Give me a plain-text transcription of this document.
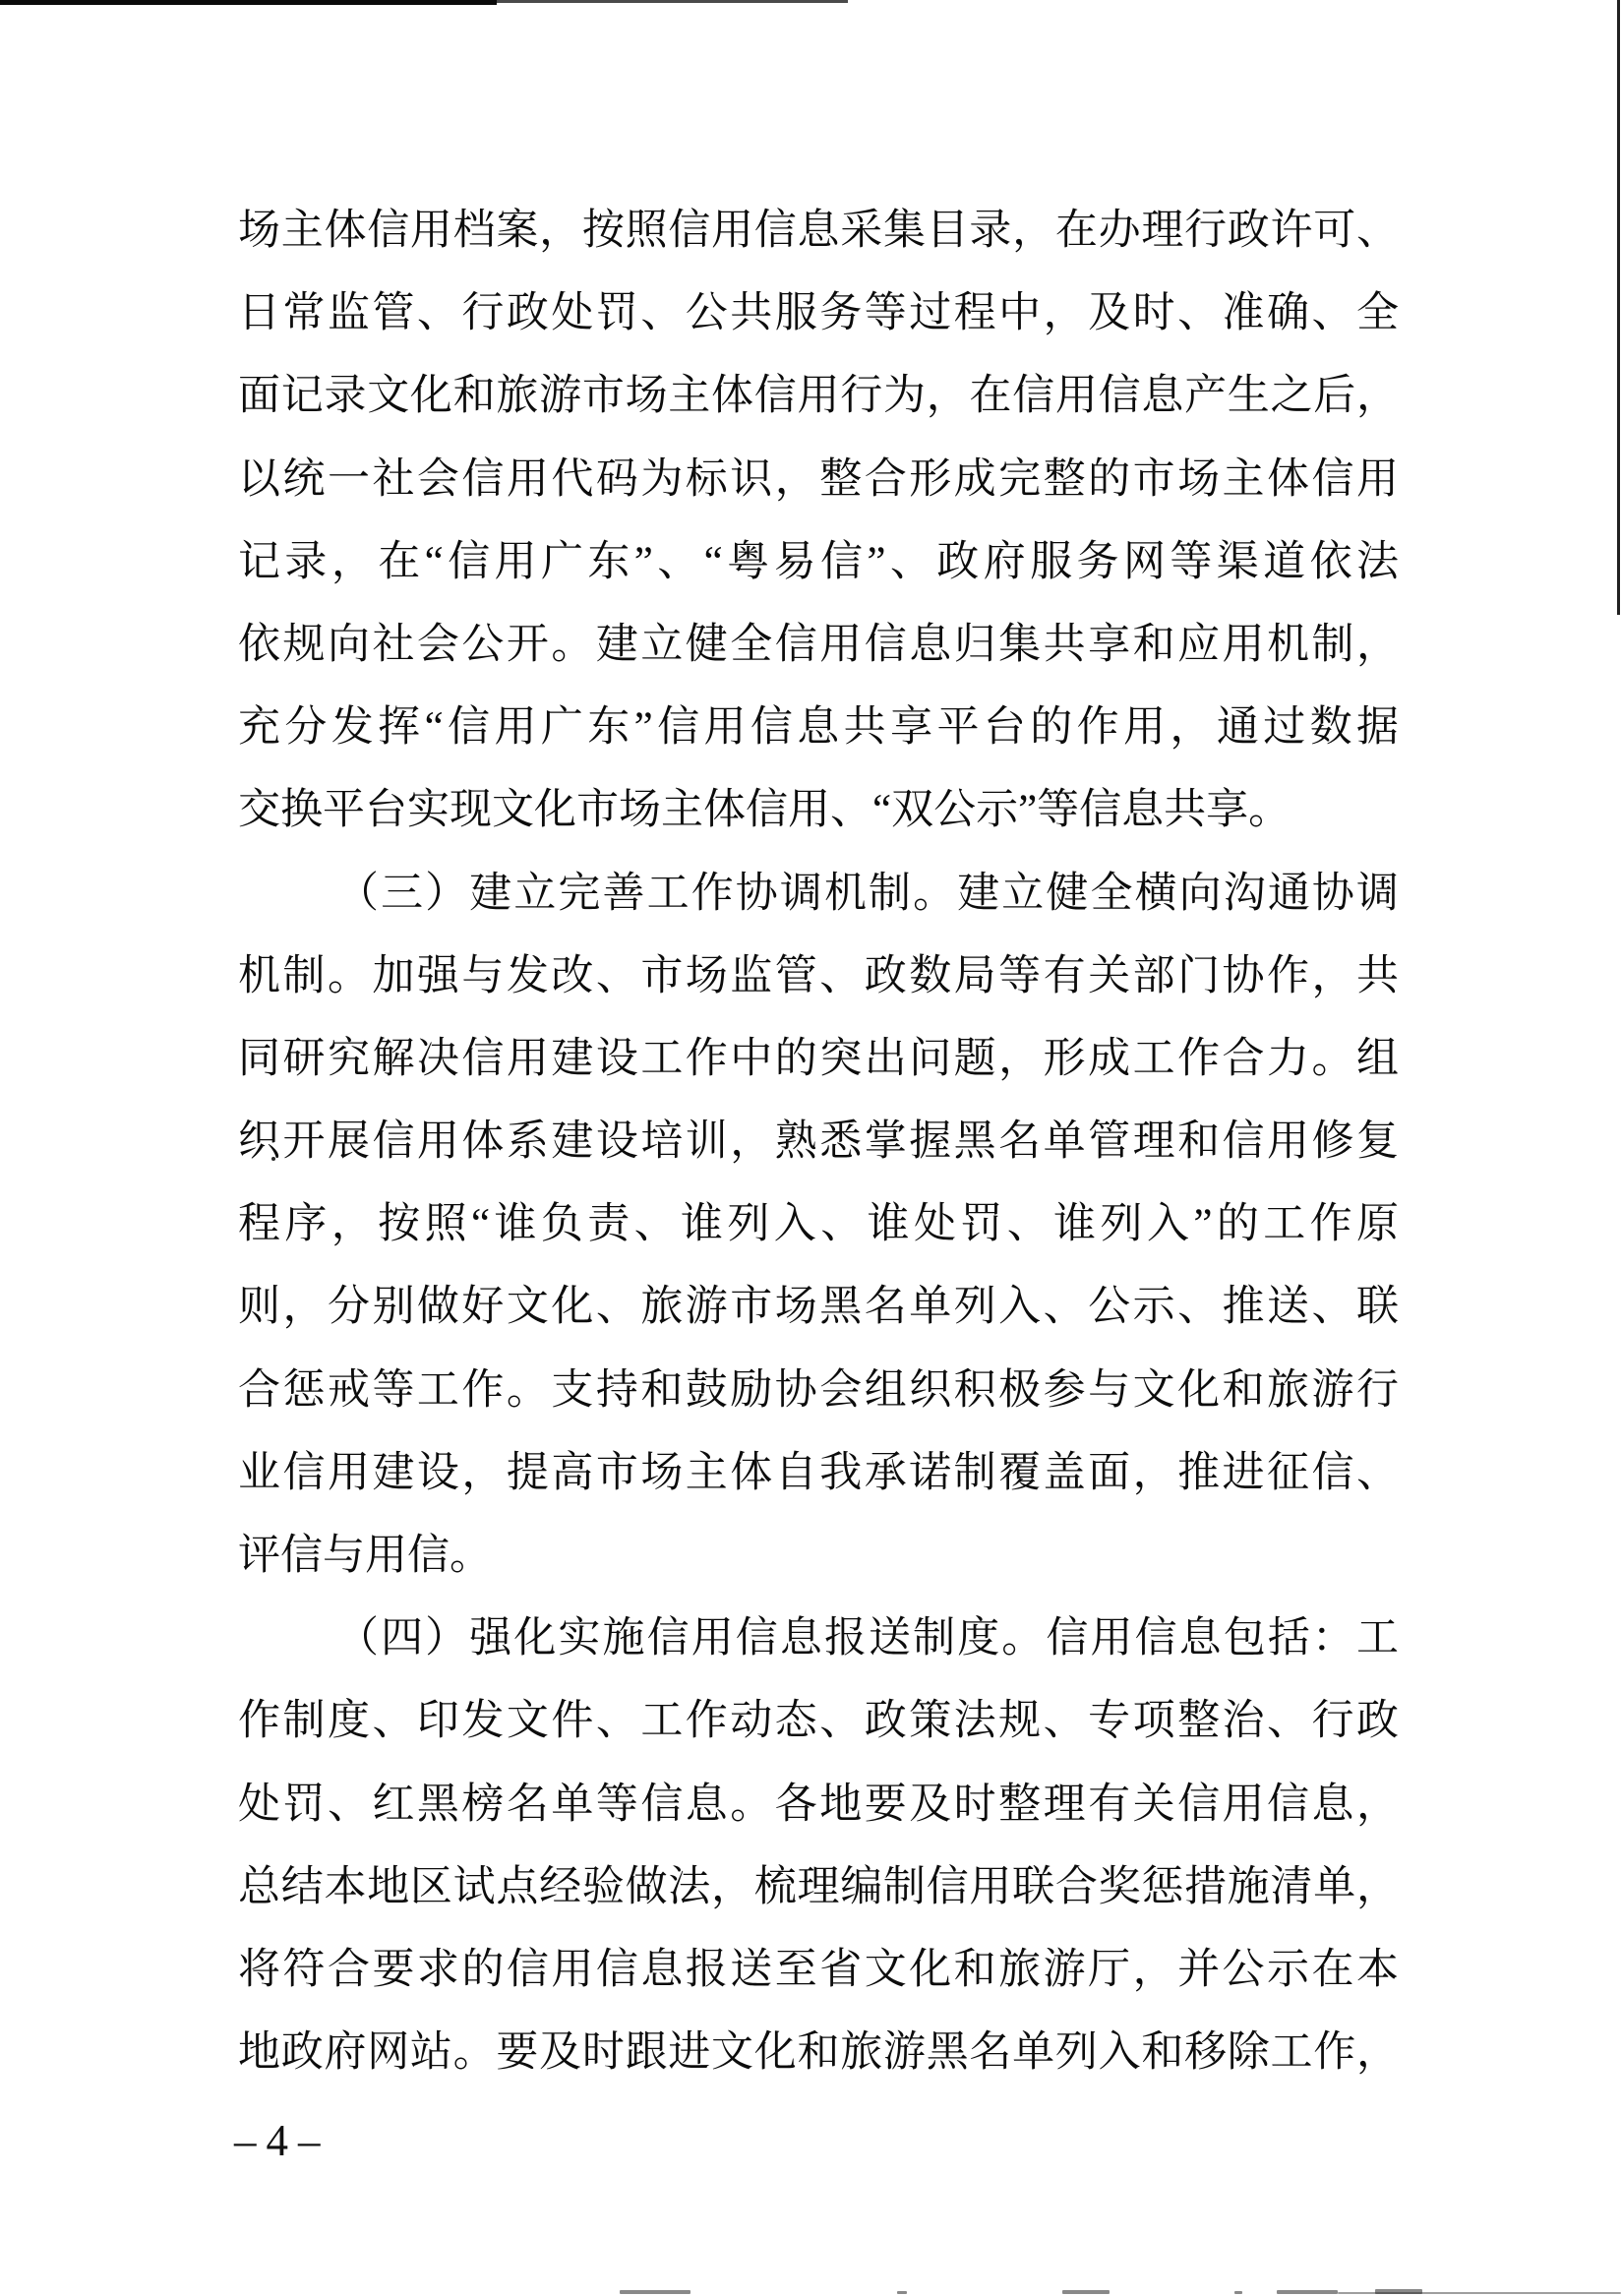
场主体信用档案，按照信用信息采集目录，在办理行政许可、
日常监管、行政处罚、公共服务等过程中，及时、准确、全
面记录文化和旅游市场主体信用行为，在信用信息产生之后，
以统一社会信用代码为标识，整合形成完整的市场主体信用
记录，在“信用广东”、“粤易信”、政府服务网等渠道依法
依规向社会公开。建立健全信用信息归集共享和应用机制，
充分发挥“信用广东”信用信息共享平台的作用，通过数据
交换平台实现文化市场主体信用、“双公示”等信息共享。
（三）建立完善工作协调机制。建立健全横向沟通协调
机制。加强与发改、市场监管、政数局等有关部门协作，共
同研究解决信用建设工作中的突出问题，形成工作合力。组
织开展信用体系建设培训，熟悉掌握黑名单管理和信用修复
程序，按照“谁负责、谁列入、谁处罚、谁列入”的工作原
则，分别做好文化、旅游市场黑名单列入、公示、推送、联
合惩戒等工作。支持和鼓励协会组织积极参与文化和旅游行
业信用建设，提高市场主体自我承诺制覆盖面，推进征信、
评信与用信。
（四）强化实施信用信息报送制度。信用信息包括：工
作制度、印发文件、工作动态、政策法规、专项整治、行政
处罚、红黑榜名单等信息。各地要及时整理有关信用信息，
总结本地区试点经验做法，梳理编制信用联合奖惩措施清单，
将符合要求的信用信息报送至省文化和旅游厅，并公示在本
地政府网站。要及时跟进文化和旅游黑名单列入和移除工作，
–4–
